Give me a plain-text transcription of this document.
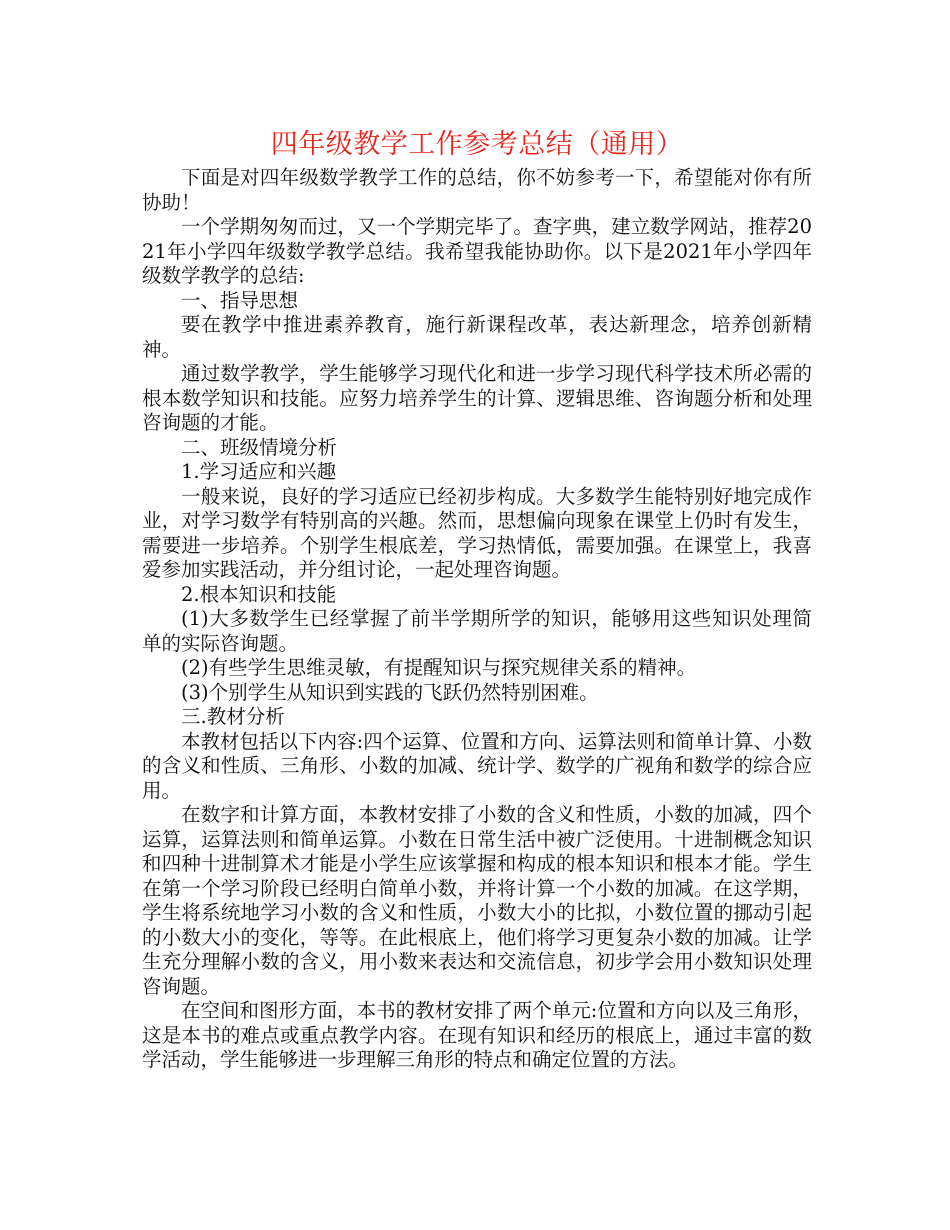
四年级教学工作参考总结（通用）

下面是对四年级数学教学工作的总结，你不妨参考一下，希望能对你有所协助！

一个学期匆匆而过，又一个学期完毕了。查字典，建立数学网站，推荐2021年小学四年级数学教学总结。我希望我能协助你。以下是2021年小学四年级数学教学的总结:

一、指导思想

要在教学中推进素养教育，施行新课程改革，表达新理念，培养创新精神。

通过数学教学，学生能够学习现代化和进一步学习现代科学技术所必需的根本数学知识和技能。应努力培养学生的计算、逻辑思维、咨询题分析和处理咨询题的才能。

二、班级情境分析

1.学习适应和兴趣

一般来说，良好的学习适应已经初步构成。大多数学生能特别好地完成作业，对学习数学有特别高的兴趣。然而，思想偏向现象在课堂上仍时有发生，需要进一步培养。个别学生根底差，学习热情低，需要加强。在课堂上，我喜爱参加实践活动，并分组讨论，一起处理咨询题。

2.根本知识和技能

(1)大多数学生已经掌握了前半学期所学的知识，能够用这些知识处理简单的实际咨询题。

(2)有些学生思维灵敏，有提醒知识与探究规律关系的精神。

(3)个别学生从知识到实践的飞跃仍然特别困难。

三.教材分析

本教材包括以下内容:四个运算、位置和方向、运算法则和简单计算、小数的含义和性质、三角形、小数的加减、统计学、数学的广视角和数学的综合应用。

在数字和计算方面，本教材安排了小数的含义和性质，小数的加减，四个运算，运算法则和简单运算。小数在日常生活中被广泛使用。十进制概念知识和四种十进制算术才能是小学生应该掌握和构成的根本知识和根本才能。学生在第一个学习阶段已经明白简单小数，并将计算一个小数的加减。在这学期，学生将系统地学习小数的含义和性质，小数大小的比拟，小数位置的挪动引起的小数大小的变化，等等。在此根底上，他们将学习更复杂小数的加减。让学生充分理解小数的含义，用小数来表达和交流信息，初步学会用小数知识处理咨询题。

在空间和图形方面，本书的教材安排了两个单元:位置和方向以及三角形，这是本书的难点或重点教学内容。在现有知识和经历的根底上，通过丰富的数学活动，学生能够进一步理解三角形的特点和确定位置的方法。
